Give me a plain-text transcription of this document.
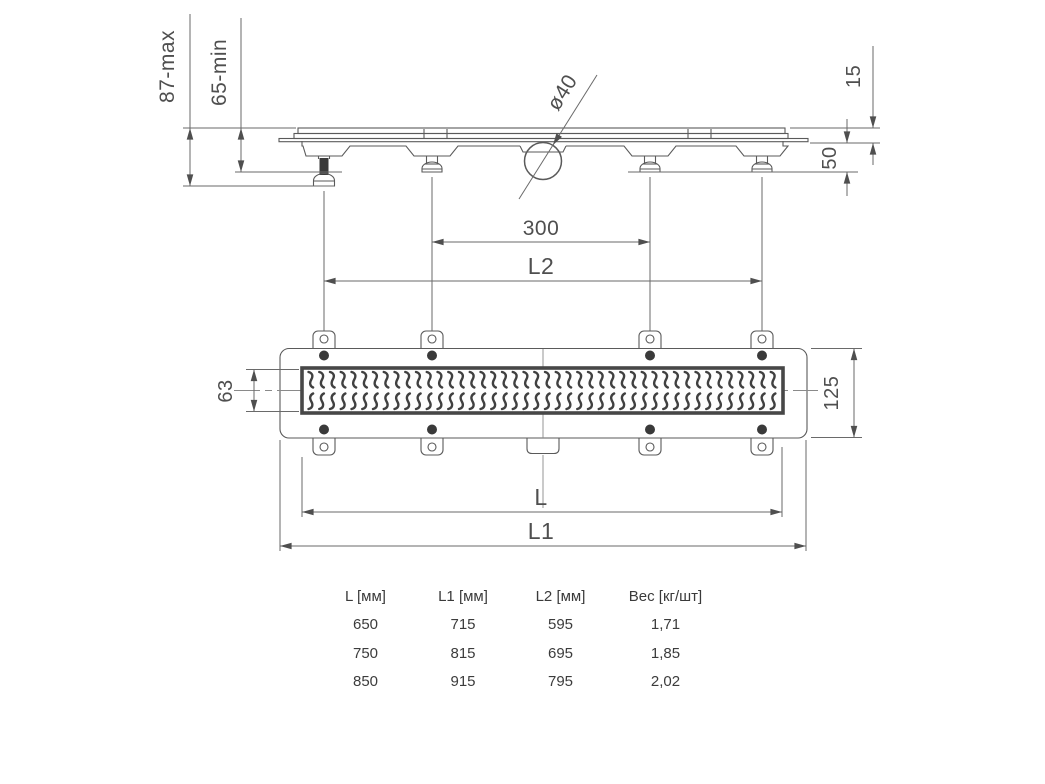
87-max 65-min	15
50
ø40
300
L2
63	125
L
L1
L [мм]	L1 [мм]	L2 [мм]	Вес [кг/шт]
650	715	595	1,71
750	815	695	1,85
850	915	795	2,02
